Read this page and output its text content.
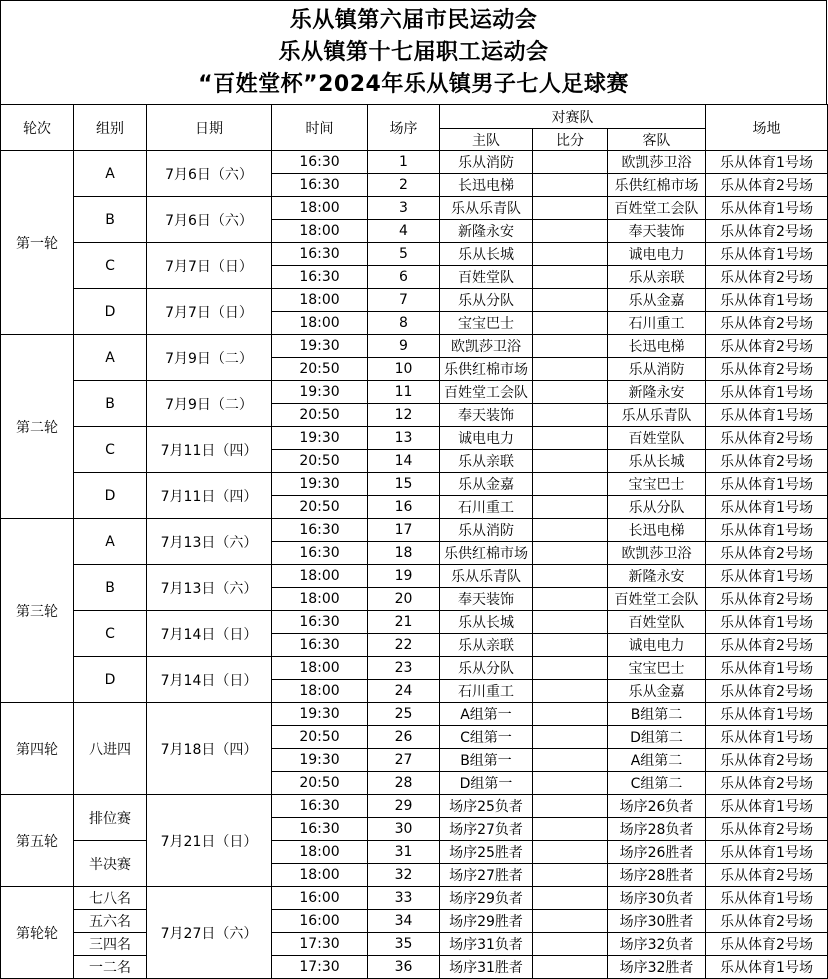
乐从镇第六届市民运动会
乐从镇第十七届职工运动会
“百姓堂杯”2024年乐从镇男子七人足球赛
轮次	组别	日期	时间	场序	对赛队			场地
					主队	比分	客队	
第一轮	A	7月6日（六）	16:30	1	乐从消防		欧凯莎卫浴	乐从体育1号场
			16:30	2	长迅电梯		乐供红棉市场	乐从体育2号场
	B	7月6日（六）	18:00	3	乐从乐青队		百姓堂工会队	乐从体育1号场
			18:00	4	新隆永安		奉天装饰	乐从体育2号场
	C	7月7日（日）	16:30	5	乐从长城		诚电电力	乐从体育1号场
			16:30	6	百姓堂队		乐从亲联	乐从体育2号场
	D	7月7日（日）	18:00	7	乐从分队		乐从金嘉	乐从体育1号场
			18:00	8	宝宝巴士		石川重工	乐从体育2号场
第二轮	A	7月9日（二）	19:30	9	欧凯莎卫浴		长迅电梯	乐从体育2号场
			20:50	10	乐供红棉市场		乐从消防	乐从体育2号场
	B	7月9日（二）	19:30	11	百姓堂工会队		新隆永安	乐从体育1号场
			20:50	12	奉天装饰		乐从乐青队	乐从体育1号场
	C	7月11日（四）	19:30	13	诚电电力		百姓堂队	乐从体育2号场
			20:50	14	乐从亲联		乐从长城	乐从体育2号场
	D	7月11日（四）	19:30	15	乐从金嘉		宝宝巴士	乐从体育1号场
			20:50	16	石川重工		乐从分队	乐从体育1号场
第三轮	A	7月13日（六）	16:30	17	乐从消防		长迅电梯	乐从体育1号场
			16:30	18	乐供红棉市场		欧凯莎卫浴	乐从体育2号场
	B	7月13日（六）	18:00	19	乐从乐青队		新隆永安	乐从体育1号场
			18:00	20	奉天装饰		百姓堂工会队	乐从体育2号场
	C	7月14日（日）	16:30	21	乐从长城		百姓堂队	乐从体育1号场
			16:30	22	乐从亲联		诚电电力	乐从体育2号场
	D	7月14日（日）	18:00	23	乐从分队		宝宝巴士	乐从体育1号场
			18:00	24	石川重工		乐从金嘉	乐从体育2号场
第四轮	八进四	7月18日（四）	19:30	25	A组第一		B组第二	乐从体育1号场
			20:50	26	C组第一		D组第二	乐从体育1号场
			19:30	27	B组第一		A组第二	乐从体育2号场
			20:50	28	D组第一		C组第二	乐从体育2号场
第五轮	排位赛	7月21日（日）	16:30	29	场序25负者		场序26负者	乐从体育1号场
			16:30	30	场序27负者		场序28负者	乐从体育2号场
	半决赛		18:00	31	场序25胜者		场序26胜者	乐从体育1号场
			18:00	32	场序27胜者		场序28胜者	乐从体育2号场
第轮轮	七八名	7月27日（六）	16:00	33	场序29负者		场序30负者	乐从体育1号场
	五六名		16:00	34	场序29胜者		场序30胜者	乐从体育2号场
	三四名		17:30	35	场序31负者		场序32负者	乐从体育2号场
	一二名		17:30	36	场序31胜者		场序32胜者	乐从体育1号场
